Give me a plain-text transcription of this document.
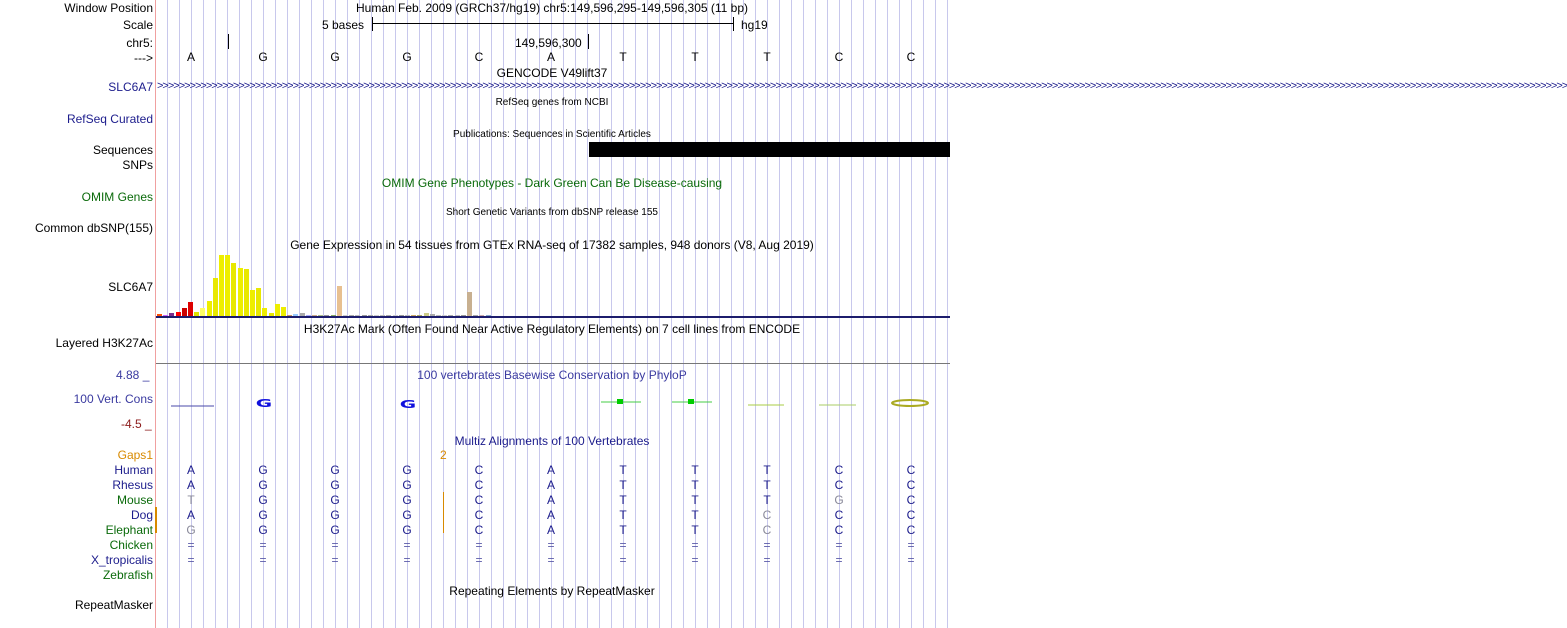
Window Position	Human Feb. 2009 (GRCh37/hg19) chr5:149,596,295-149,596,305 (11 bp)
Scale	5 bases	hg19
chr5:	149,596,300
--->	A	G	G	G	C	A	T	T	T	C	C
GENCODE V49lift37
SLC6A7 >>>>>>>>>>>>>>>>>>>>>>>>>>>>>>>>>>>>>>>>>>>>>>>>>>>>>>>>>>>>>>>>>>>>>>>>>>>>>>>>>>>>>>>>>>>>>>>>>>>>>>>>>>>>>>>>>>>>>>>>>>>>>>>>>>>>>>>>>>>>>>>>>>>>>>>>>>>>>>>>>>>>>>>>>>>>>>>>>>>>>>>>>>>>>>>>>>>>>>>>>>>>>>>>>>>>>>>>>>>>>>>>>>>>>>>>>>>>>>>>>>>>>>>>>>>>>>>>>>>>
RefSeq genes from NCBI
RefSeq Curated
Publications: Sequences in Scientific Articles
Sequences
SNPs
OMIM Gene Phenotypes - Dark Green Can Be Disease-causing
OMIM Genes
Short Genetic Variants from dbSNP release 155
Common dbSNP(155)
Gene Expression in 54 tissues from GTEx RNA-seq of 17382 samples, 948 donors (V8, Aug 2019)
SLC6A7
H3K27Ac Mark (Often Found Near Active Regulatory Elements) on 7 cell lines from ENCODE
Layered H3K27Ac
4.88 _	100 vertebrates Basewise Conservation by PhyloP
100 Vert. Cons
-4.5 _
G	G
Multiz Alignments of 100 Vertebrates
Gaps1	2
Human	A	G	G	G	C	A	T	T	T	C	C
Rhesus	A	G	G	G	C	A	T	T	T	C	C
Mouse	T	G	G	G	C	A	T	T	T	G	C
Dog	A	G	G	G	C	A	T	T	C	C	C
Elephant	G	G	G	G	C	A	T	T	C	C	C
Chicken	=	=	=	=	=	=	=	=	=	=	=
X_tropicalis	=	=	=	=	=	=	=	=	=	=	=
Zebrafish
Repeating Elements by RepeatMasker
RepeatMasker
